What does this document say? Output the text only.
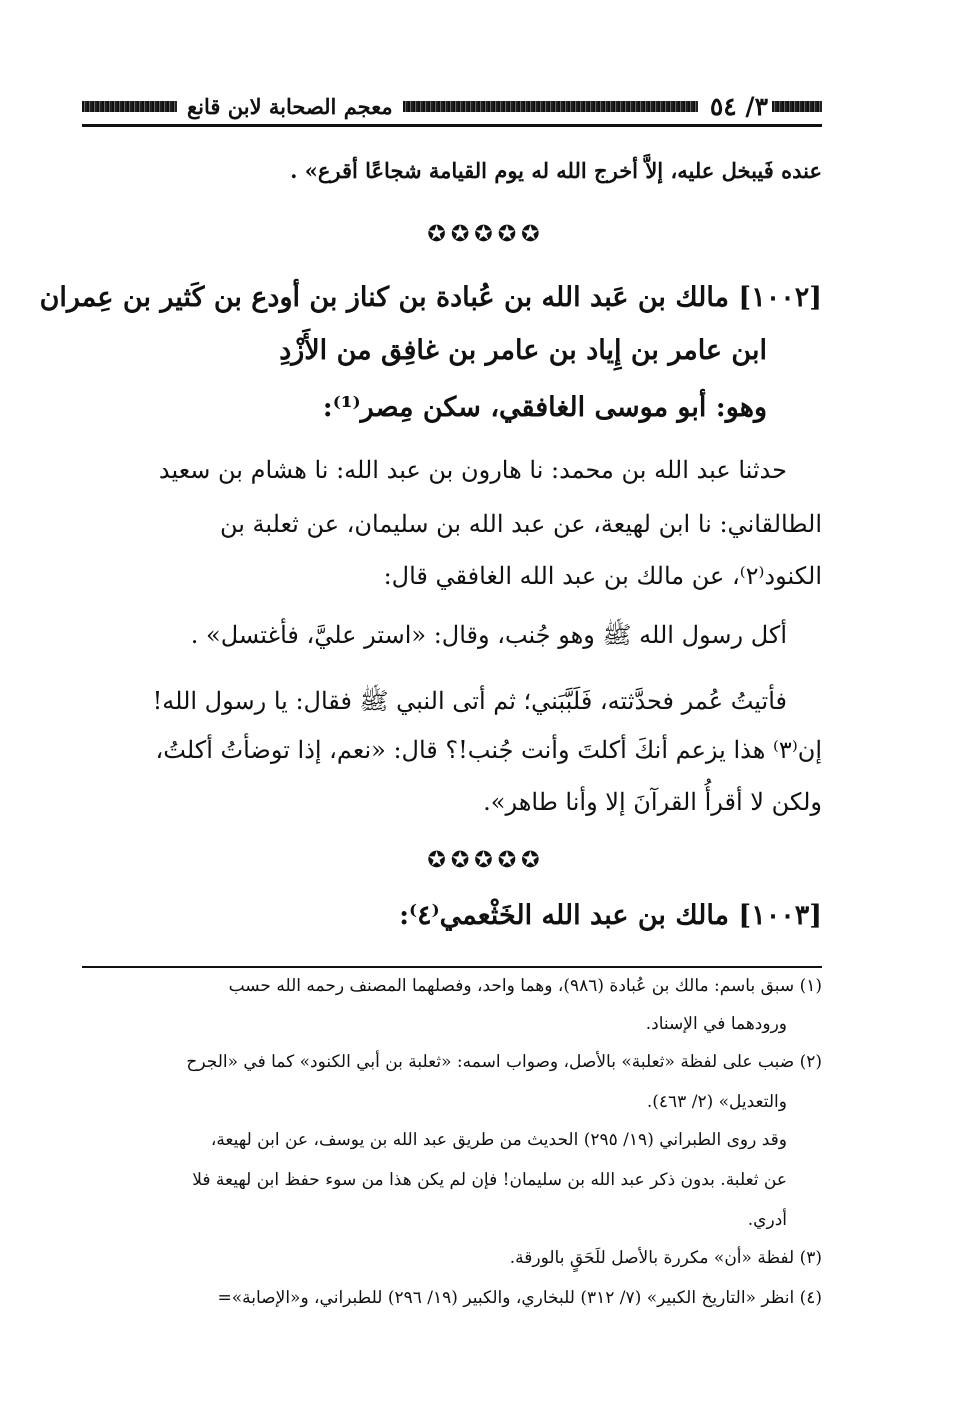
٣/ ٥٤
معجم الصحابة لابن قانع
عنده فَيبخل عليه، إلاَّ أخرج الله له يوم القيامة شجاعًا أقرع» .
✪✪✪✪✪
[١٠٠٢] مالك بن عَبد الله بن عُبادة بن كناز بن أودع بن كَثير بن عِمران
ابن عامر بن إِياد بن عامر بن غافِق من الأَزْدِ
وهو: أبو موسى الغافقي، سكن مِصر⁽¹⁾:
حدثنا عبد الله بن محمد: نا هارون بن عبد الله: نا هشام بن سعيد
الطالقاني: نا ابن لهيعة، عن عبد الله بن سليمان، عن ثعلبة بن
الكنود⁽٢⁾، عن مالك بن عبد الله الغافقي قال:
أكل رسول الله ﷺ وهو جُنب، وقال: «استر عليَّ، فأغتسل» .
فأتيتُ عُمر فحدَّثته، فَلَبَّبَني؛ ثم أتى النبي ﷺ فقال: يا رسول الله!
إن⁽٣⁾ هذا يزعم أنكَ أكلتَ وأنت جُنب!؟ قال: «نعم، إذا توضأتُ أكلتُ،
ولكن لا أقرأُ القرآنَ إلا وأنا طاهر».
✪✪✪✪✪
[١٠٠٣] مالك بن عبد الله الخَثْعمي⁽٤⁾:
(١) سبق باسم: مالك بن عُبادة (٩٨٦)، وهما واحد، وفصلهما المصنف رحمه الله حسب
ورودهما في الإسناد.
(٢) ضبب على لفظة «ثعلبة» بالأصل، وصواب اسمه: «ثعلبة بن أبي الكنود» كما في «الجرح
والتعديل» (٢/ ٤٦٣).
وقد روى الطبراني (١٩/ ٢٩٥) الحديث من طريق عبد الله بن يوسف، عن ابن لهيعة،
عن ثعلبة. بدون ذكر عبد الله بن سليمان! فإن لم يكن هذا من سوء حفظ ابن لهيعة فلا
أدري.
(٣) لفظة «أن» مكررة بالأصل للَحَقٍ بالورقة.
(٤) انظر «التاريخ الكبير» (٧/ ٣١٢) للبخاري، والكبير (١٩/ ٢٩٦) للطبراني، و«الإصابة»=
